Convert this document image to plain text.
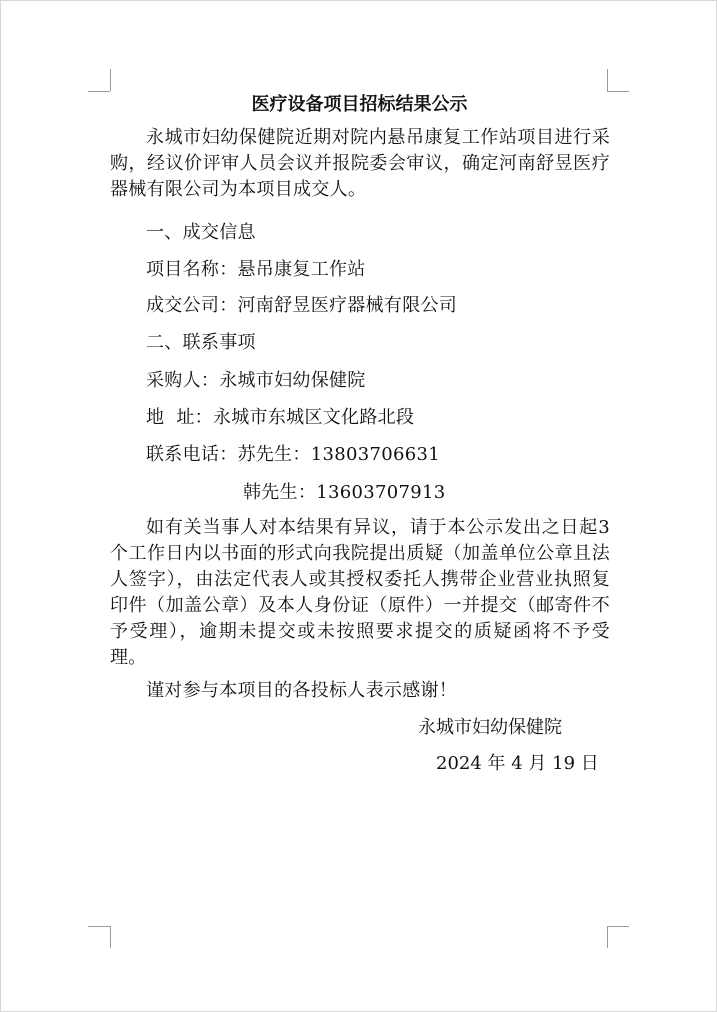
医疗设备项目招标结果公示

永城市妇幼保健院近期对院内悬吊康复工作站项目进行采购，经议价评审人员会议并报院委会审议，确定河南舒昱医疗器械有限公司为本项目成交人。

一、成交信息
项目名称：悬吊康复工作站
成交公司：河南舒昱医疗器械有限公司
二、联系事项
采购人：永城市妇幼保健院
地  址：永城市东城区文化路北段
联系电话：苏先生：13803706631
韩先生：13603707913

如有关当事人对本结果有异议，请于本公示发出之日起3个工作日内以书面的形式向我院提出质疑（加盖单位公章且法人签字），由法定代表人或其授权委托人携带企业营业执照复印件（加盖公章）及本人身份证（原件）一并提交（邮寄件不予受理），逾期未提交或未按照要求提交的质疑函将不予受理。

谨对参与本项目的各投标人表示感谢！
永城市妇幼保健院
2024 年 4 月 19 日
